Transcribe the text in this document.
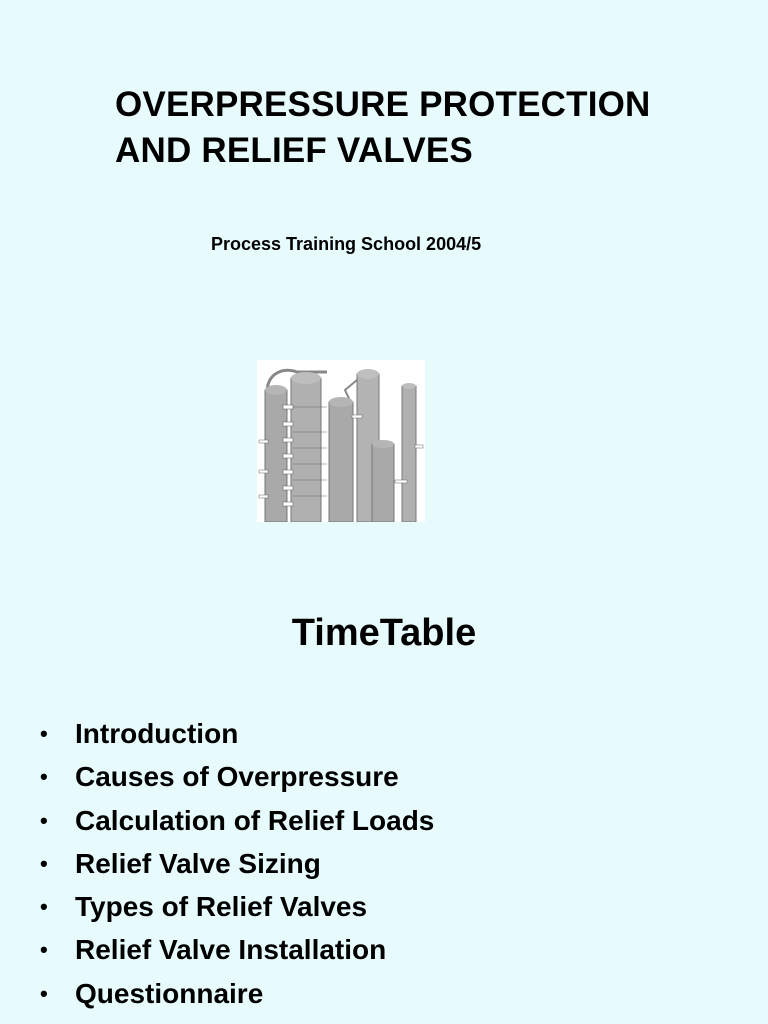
OVERPRESSURE PROTECTION
AND RELIEF VALVES
Process Training School 2004/5
TimeTable
• Introduction
• Causes of Overpressure
• Calculation of Relief Loads
• Relief Valve Sizing
• Types of Relief Valves
• Relief Valve Installation
• Questionnaire
